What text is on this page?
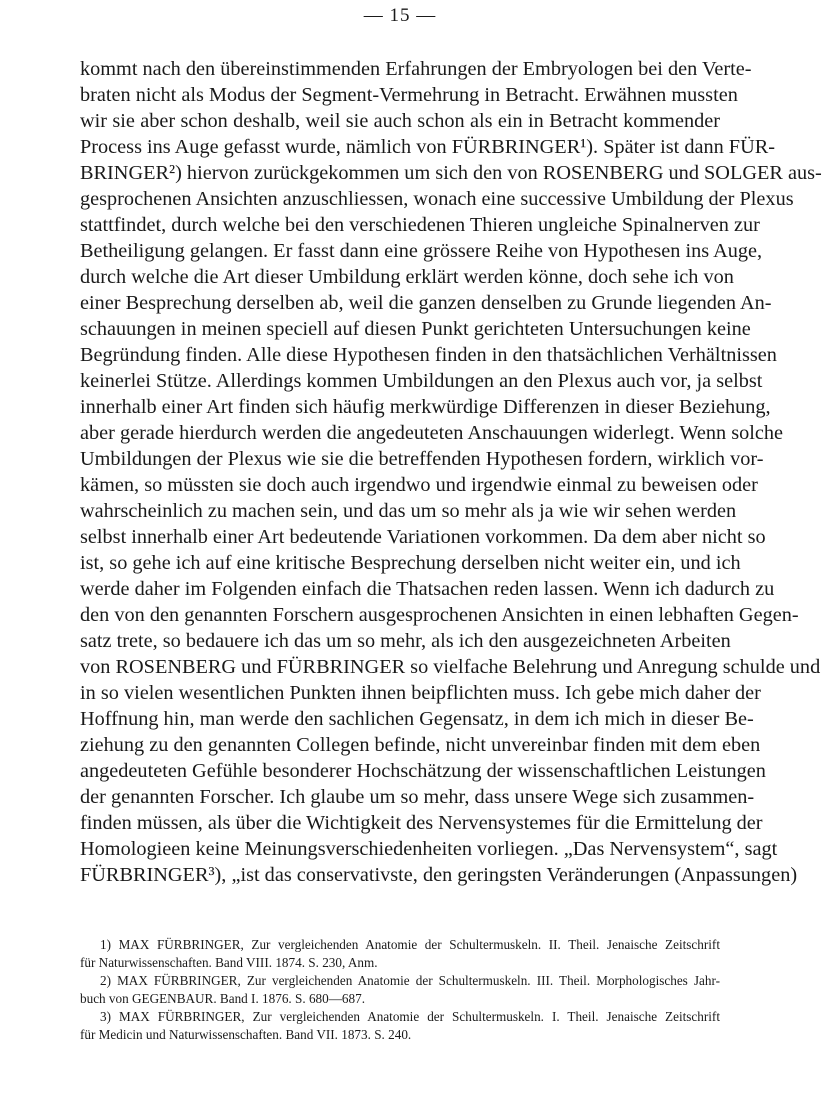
— 15 —
kommt nach den übereinstimmenden Erfahrungen der Embryologen bei den Verte-
braten nicht als Modus der Segment-Vermehrung in Betracht. Erwähnen mussten
wir sie aber schon deshalb, weil sie auch schon als ein in Betracht kommender
Process ins Auge gefasst wurde, nämlich von FÜRBRINGER¹). Später ist dann FÜR-
BRINGER²) hiervon zurückgekommen um sich den von ROSENBERG und SOLGER aus-
gesprochenen Ansichten anzuschliessen, wonach eine successive Umbildung der Plexus
stattfindet, durch welche bei den verschiedenen Thieren ungleiche Spinalnerven zur
Betheiligung gelangen. Er fasst dann eine grössere Reihe von Hypothesen ins Auge,
durch welche die Art dieser Umbildung erklärt werden könne, doch sehe ich von
einer Besprechung derselben ab, weil die ganzen denselben zu Grunde liegenden An-
schauungen in meinen speciell auf diesen Punkt gerichteten Untersuchungen keine
Begründung finden. Alle diese Hypothesen finden in den thatsächlichen Verhältnissen
keinerlei Stütze. Allerdings kommen Umbildungen an den Plexus auch vor, ja selbst
innerhalb einer Art finden sich häufig merkwürdige Differenzen in dieser Beziehung,
aber gerade hierdurch werden die angedeuteten Anschauungen widerlegt. Wenn solche
Umbildungen der Plexus wie sie die betreffenden Hypothesen fordern, wirklich vor-
kämen, so müssten sie doch auch irgendwo und irgendwie einmal zu beweisen oder
wahrscheinlich zu machen sein, und das um so mehr als ja wie wir sehen werden
selbst innerhalb einer Art bedeutende Variationen vorkommen. Da dem aber nicht so
ist, so gehe ich auf eine kritische Besprechung derselben nicht weiter ein, und ich
werde daher im Folgenden einfach die Thatsachen reden lassen. Wenn ich dadurch zu
den von den genannten Forschern ausgesprochenen Ansichten in einen lebhaften Gegen-
satz trete, so bedauere ich das um so mehr, als ich den ausgezeichneten Arbeiten
von ROSENBERG und FÜRBRINGER so vielfache Belehrung und Anregung schulde und
in so vielen wesentlichen Punkten ihnen beipflichten muss. Ich gebe mich daher der
Hoffnung hin, man werde den sachlichen Gegensatz, in dem ich mich in dieser Be-
ziehung zu den genannten Collegen befinde, nicht unvereinbar finden mit dem eben
angedeuteten Gefühle besonderer Hochschätzung der wissenschaftlichen Leistungen
der genannten Forscher. Ich glaube um so mehr, dass unsere Wege sich zusammen-
finden müssen, als über die Wichtigkeit des Nervensystemes für die Ermittelung der
Homologieen keine Meinungsverschiedenheiten vorliegen. „Das Nervensystem“, sagt
FÜRBRINGER³), „ist das conservativste, den geringsten Veränderungen (Anpassungen)
1) MAX FÜRBRINGER, Zur vergleichenden Anatomie der Schultermuskeln. II. Theil. Jenaische Zeitschrift
für Naturwissenschaften. Band VIII. 1874. S. 230, Anm.
2) MAX FÜRBRINGER, Zur vergleichenden Anatomie der Schultermuskeln. III. Theil. Morphologisches Jahr-
buch von GEGENBAUR. Band I. 1876. S. 680—687.
3) MAX FÜRBRINGER, Zur vergleichenden Anatomie der Schultermuskeln. I. Theil. Jenaische Zeitschrift
für Medicin und Naturwissenschaften. Band VII. 1873. S. 240.
